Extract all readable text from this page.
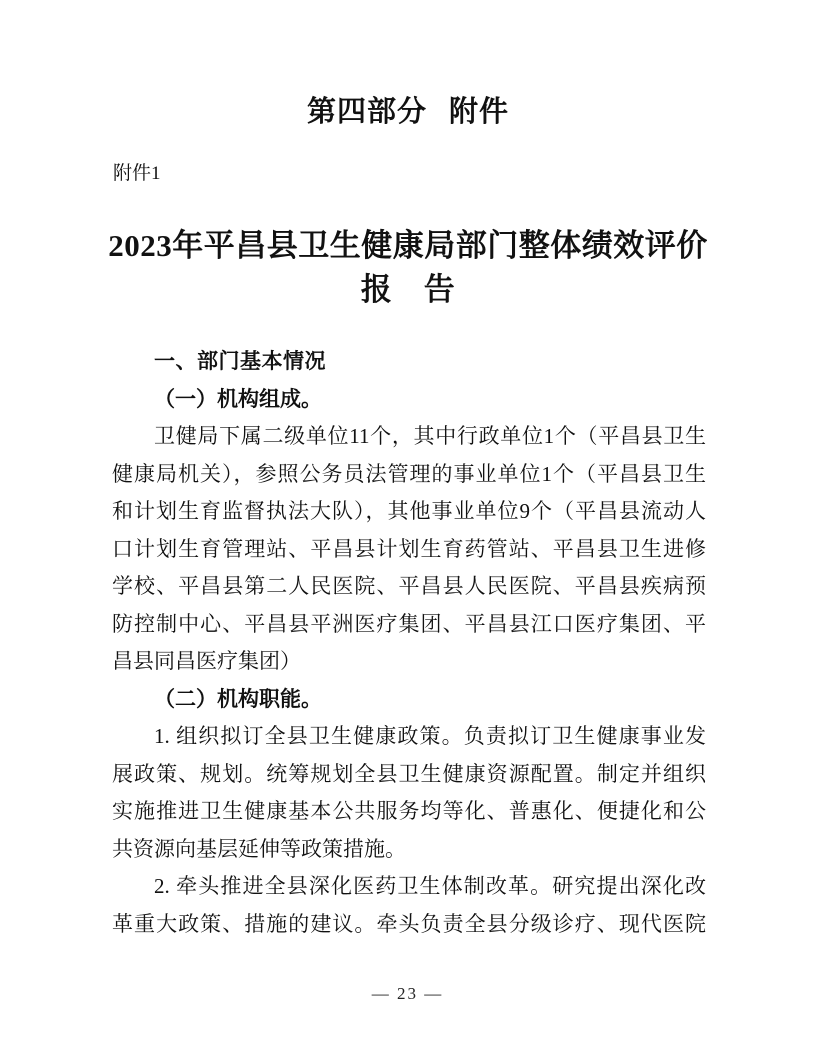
第四部分 附件
附件1
2023年平昌县卫生健康局部门整体绩效评价
报 告
一、部门基本情况
（一）机构组成。
卫健局下属二级单位11个，其中行政单位1个（平昌县卫生
健康局机关），参照公务员法管理的事业单位1个（平昌县卫生
和计划生育监督执法大队），其他事业单位9个（平昌县流动人
口计划生育管理站、平昌县计划生育药管站、平昌县卫生进修
学校、平昌县第二人民医院、平昌县人民医院、平昌县疾病预
防控制中心、平昌县平洲医疗集团、平昌县江口医疗集团、平
昌县同昌医疗集团）
（二）机构职能。
1. 组织拟订全县卫生健康政策。负责拟订卫生健康事业发
展政策、规划。统筹规划全县卫生健康资源配置。制定并组织
实施推进卫生健康基本公共服务均等化、普惠化、便捷化和公
共资源向基层延伸等政策措施。
2. 牵头推进全县深化医药卫生体制改革。研究提出深化改
革重大政策、措施的建议。牵头负责全县分级诊疗、现代医院
— 23 —
